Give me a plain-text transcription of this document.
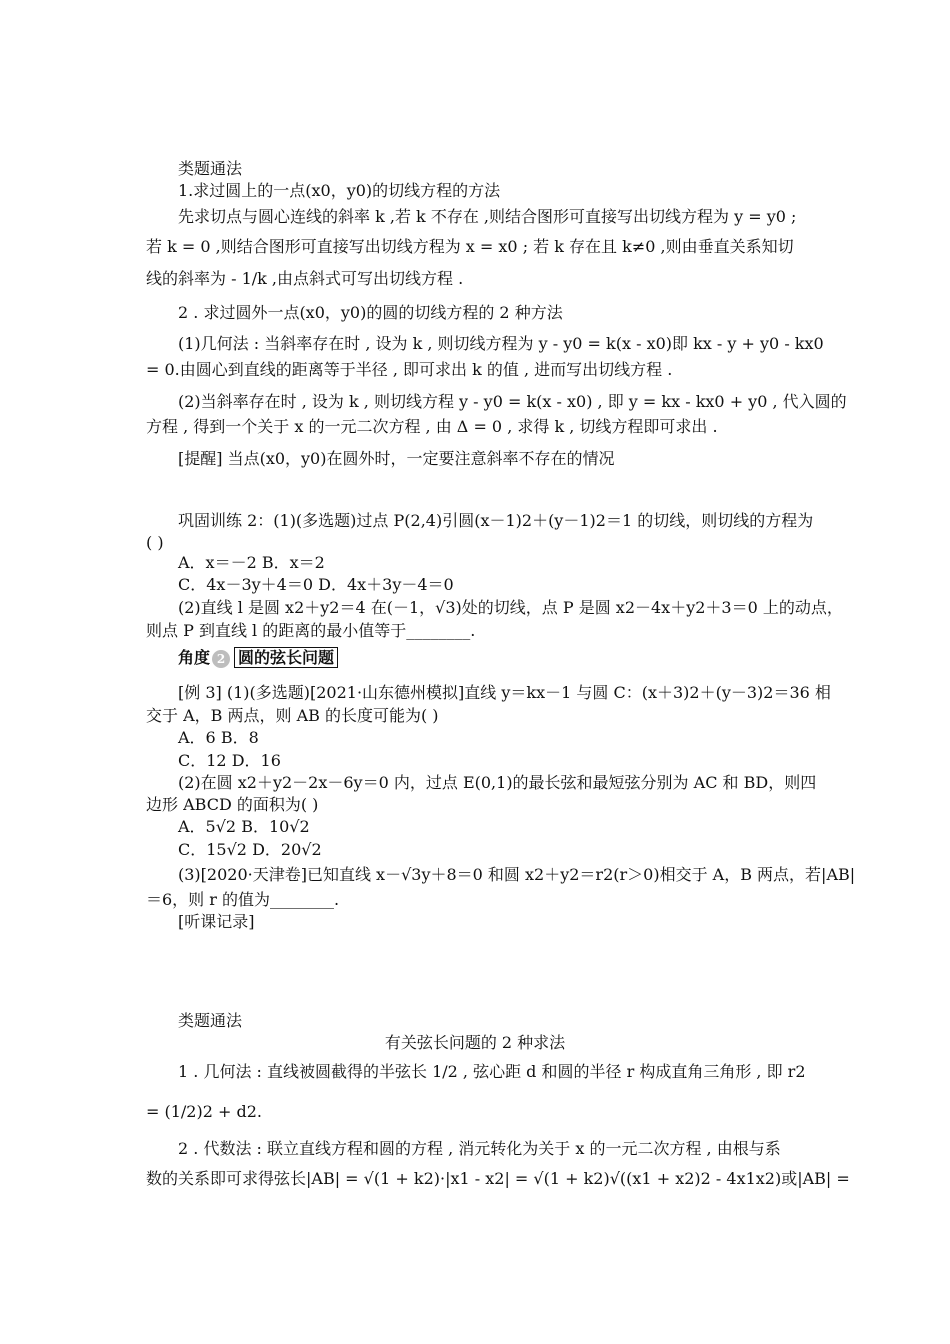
类题通法
1.求过圆上的一点(x0，y0)的切线方程的方法
先求切点与圆心连线的斜率 k ,若 k 不存在 ,则结合图形可直接写出切线方程为 y = y0 ;
若 k = 0 ,则结合图形可直接写出切线方程为 x = x0 ; 若 k 存在且 k≠0 ,则由垂直关系知切
线的斜率为 - 1/k ,由点斜式可写出切线方程 .
2 . 求过圆外一点(x0，y0)的圆的切线方程的 2 种方法
(1)几何法 : 当斜率存在时 , 设为 k , 则切线方程为 y - y0 = k(x - x0)即 kx - y + y0 - kx0
= 0.由圆心到直线的距离等于半径 , 即可求出 k 的值 , 进而写出切线方程 .
(2)当斜率存在时 , 设为 k , 则切线方程 y - y0 = k(x - x0) , 即 y = kx - kx0 + y0 , 代入圆的
方程 , 得到一个关于 x 的一元二次方程 , 由 Δ = 0 , 求得 k , 切线方程即可求出 .
[提醒] 当点(x0，y0)在圆外时，一定要注意斜率不存在的情况
巩固训练 2：(1)(多选题)过点 P(2,4)引圆(x－1)2＋(y－1)2＝1 的切线，则切线的方程为
( )
A．x＝－2 B．x＝2
C．4x－3y＋4＝0 D．4x＋3y－4＝0
(2)直线 l 是圆 x2＋y2＝4 在(－1，√3)处的切线，点 P 是圆 x2－4x＋y2＋3＝0 上的动点，
则点 P 到直线 l 的距离的最小值等于________.
角度 2 圆的弦长问题
[例 3] (1)(多选题)[2021·山东德州模拟]直线 y＝kx－1 与圆 C：(x＋3)2＋(y－3)2＝36 相
交于 A，B 两点，则 AB 的长度可能为( )
A．6 B．8
C．12 D．16
(2)在圆 x2＋y2－2x－6y＝0 内，过点 E(0,1)的最长弦和最短弦分别为 AC 和 BD，则四
边形 ABCD 的面积为( )
A．5√2 B．10√2
C．15√2 D．20√2
(3)[2020·天津卷]已知直线 x－√3y＋8＝0 和圆 x2＋y2＝r2(r＞0)相交于 A，B 两点，若|AB|
＝6，则 r 的值为________.
[听课记录]
类题通法
有关弦长问题的 2 种求法
1 . 几何法 : 直线被圆截得的半弦长 1/2 , 弦心距 d 和圆的半径 r 构成直角三角形 , 即 r2
= (1/2)2 + d2.
2 . 代数法 : 联立直线方程和圆的方程 , 消元转化为关于 x 的一元二次方程 , 由根与系
数的关系即可求得弦长|AB| = √(1 + k2)·|x1 - x2| = √(1 + k2)√((x1 + x2)2 - 4x1x2)或|AB| =
